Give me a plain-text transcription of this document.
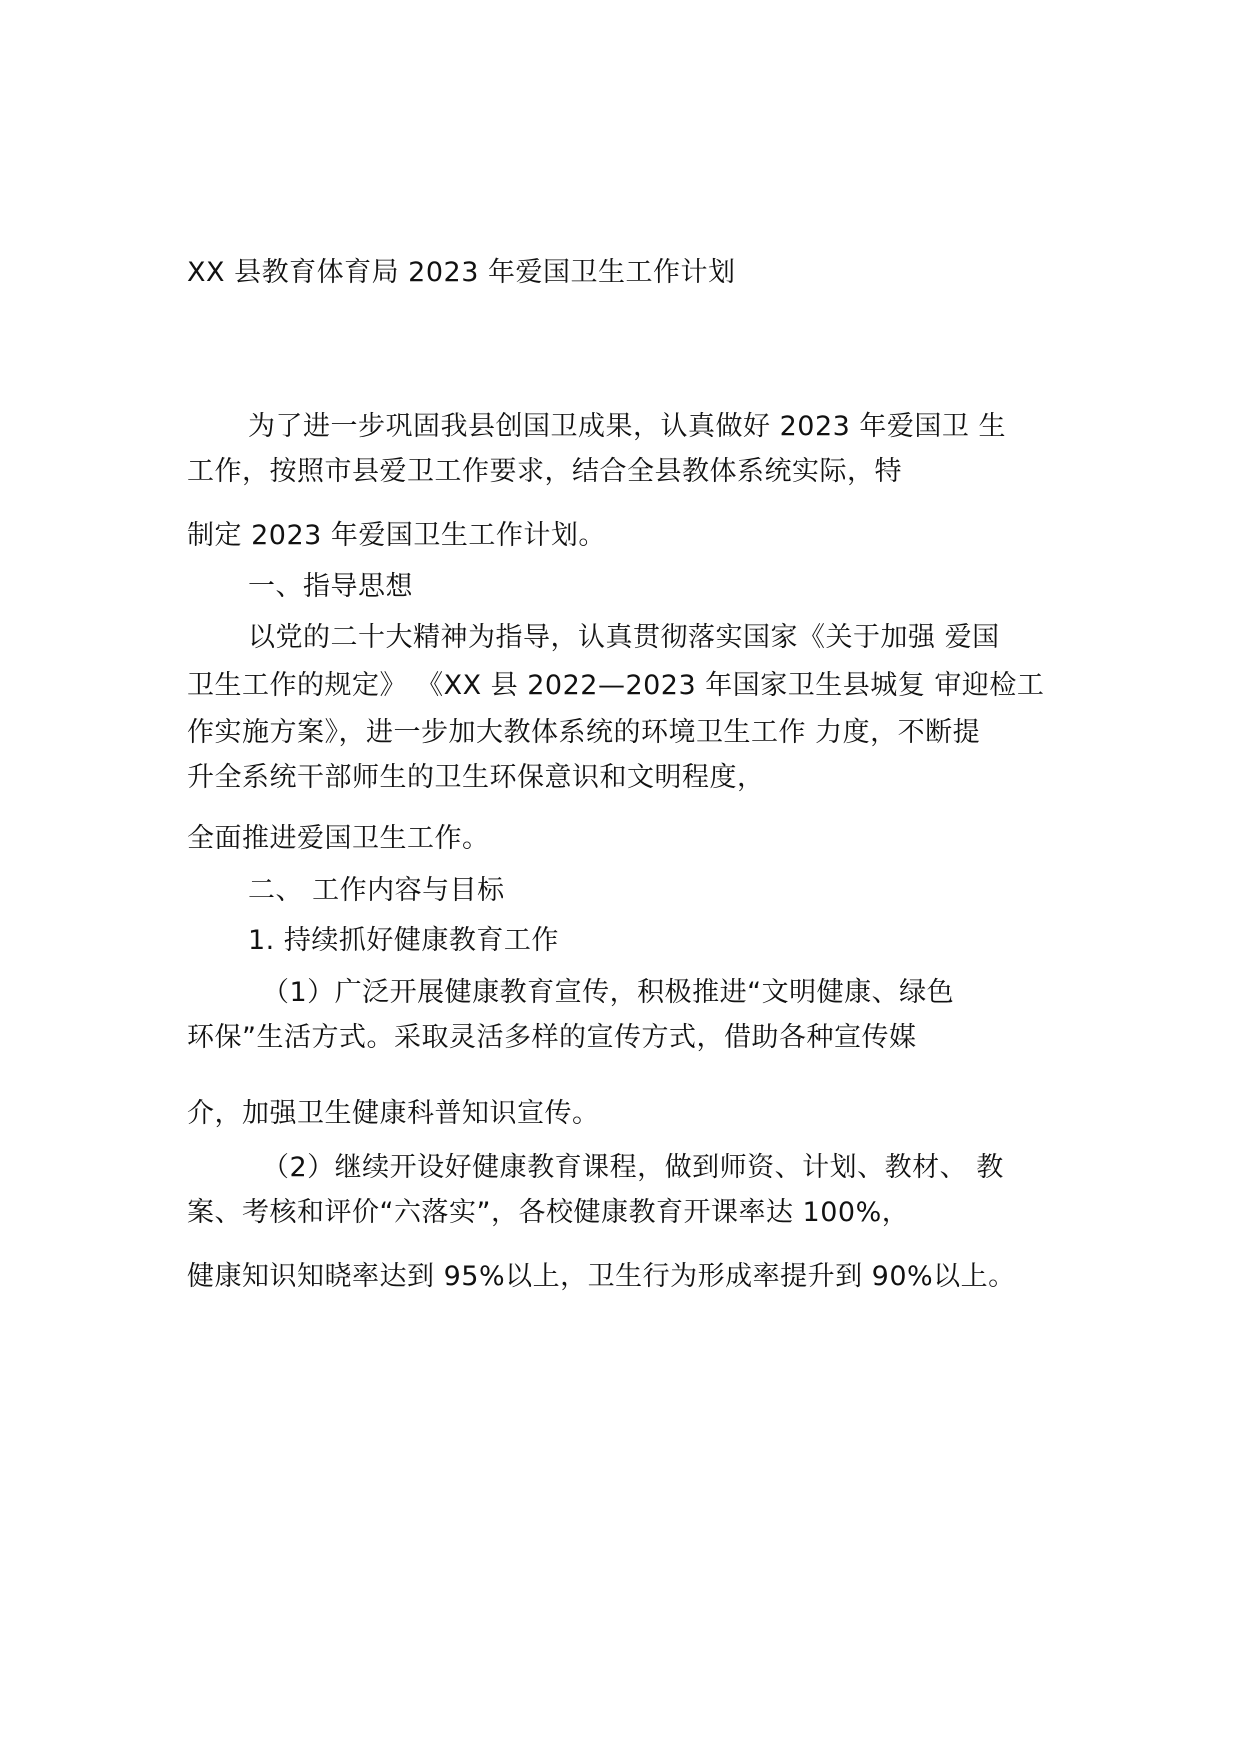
XX 县教育体育局 2023 年爱国卫生工作计划
为了进一步巩固我县创国卫成果，认真做好 2023 年爱国卫 生
工作，按照市县爱卫工作要求，结合全县教体系统实际，特
制定 2023 年爱国卫生工作计划。
一、指导思想
以党的二十大精神为指导，认真贯彻落实国家《关于加强 爱国
卫生工作的规定》 《XX 县 2022—2023 年国家卫生县城复 审迎检工
作实施方案》，进一步加大教体系统的环境卫生工作 力度，不断提
升全系统干部师生的卫生环保意识和文明程度，
全面推进爱国卫生工作。
二、 工作内容与目标
1. 持续抓好健康教育工作
（1）广泛开展健康教育宣传，积极推进“文明健康、绿色
环保”生活方式。采取灵活多样的宣传方式，借助各种宣传媒
介，加强卫生健康科普知识宣传。
（2）继续开设好健康教育课程，做到师资、计划、教材、 教
案、考核和评价“六落实”，各校健康教育开课率达 100%，
健康知识知晓率达到 95%以上，卫生行为形成率提升到 90%以上。
